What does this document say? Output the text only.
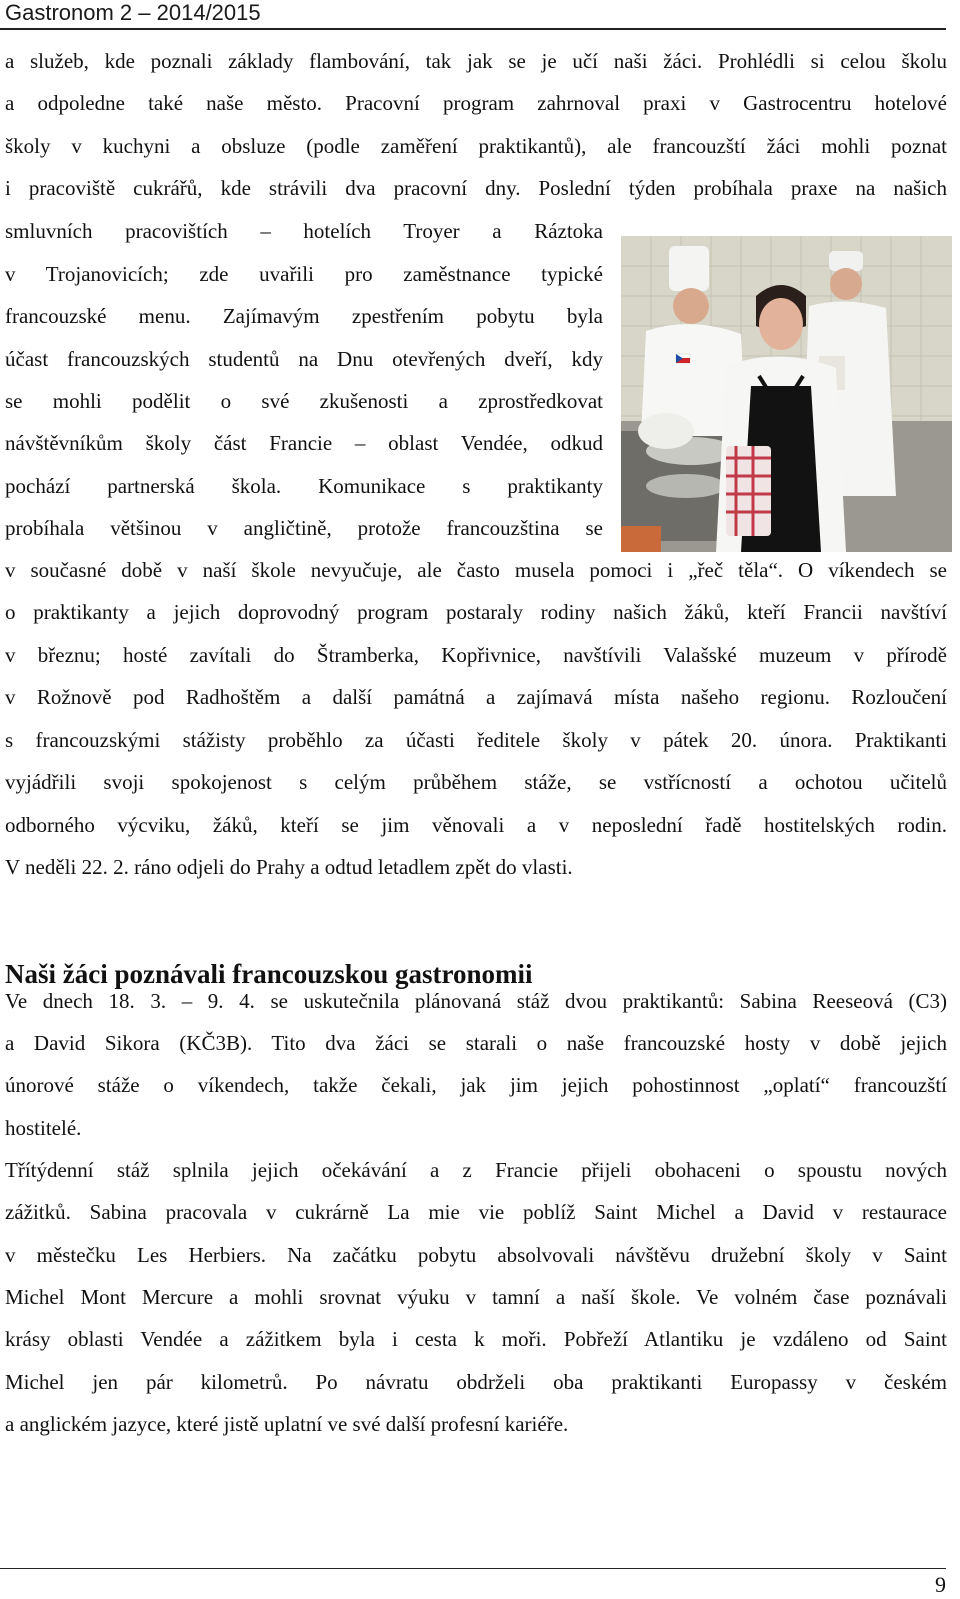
Gastronom 2 – 2014/2015
a služeb, kde poznali základy flambování, tak jak se je učí naši žáci. Prohlédli si celou školu
a odpoledne také naše město. Pracovní program zahrnoval praxi v Gastrocentru hotelové
školy v kuchyni a obsluze (podle zaměření praktikantů), ale francouzští žáci mohli poznat
i pracoviště cukrářů, kde strávili dva pracovní dny. Poslední týden probíhala praxe na našich
smluvních pracovištích – hotelích Troyer a Ráztoka
v Trojanovicích; zde uvařili pro zaměstnance typické
francouzské menu. Zajímavým zpestřením pobytu byla
účast francouzských studentů na Dnu otevřených dveří, kdy
se mohli podělit o své zkušenosti a zprostředkovat
návštěvníkům školy část Francie – oblast Vendée, odkud
pochází partnerská škola. Komunikace s praktikanty
probíhala většinou v angličtině, protože francouzština se
v současné době v naší škole nevyučuje, ale často musela pomoci i „řeč těla“. O víkendech se
o praktikanty a jejich doprovodný program postaraly rodiny našich žáků, kteří Francii navštíví
v březnu; hosté zavítali do Štramberka, Kopřivnice, navštívili Valašské muzeum v přírodě
v Rožnově pod Radhoštěm a další památná a zajímavá místa našeho regionu. Rozloučení
s francouzskými stážisty proběhlo za účasti ředitele školy v pátek 20. února. Praktikanti
vyjádřili svoji spokojenost s celým průběhem stáže, se vstřícností a ochotou učitelů
odborného výcviku, žáků, kteří se jim věnovali a v neposlední řadě hostitelských rodin.
V neděli 22. 2. ráno odjeli do Prahy a odtud letadlem zpět do vlasti.
Naši žáci poznávali francouzskou gastronomii
Ve dnech 18. 3. – 9. 4. se uskutečnila plánovaná stáž dvou praktikantů: Sabina Reeseová (C3)
a David Sikora (KČ3B). Tito dva žáci se starali o naše francouzské hosty v době jejich
únorové stáže o víkendech, takže čekali, jak jim jejich pohostinnost „oplatí“ francouzští
hostitelé.
Třítýdenní stáž splnila jejich očekávání a z Francie přijeli obohaceni o spoustu nových
zážitků. Sabina pracovala v cukrárně La mie vie poblíž Saint Michel a David v restaurace
v městečku Les Herbiers. Na začátku pobytu absolvovali návštěvu družební školy v Saint
Michel Mont Mercure a mohli srovnat výuku v tamní a naší škole. Ve volném čase poznávali
krásy oblasti Vendée a zážitkem byla i cesta k moři. Pobřeží Atlantiku je vzdáleno od Saint
Michel jen pár kilometrů. Po návratu obdrželi oba praktikanti Europassy v českém
a anglickém jazyce, které jistě uplatní ve své další profesní kariéře.
9
